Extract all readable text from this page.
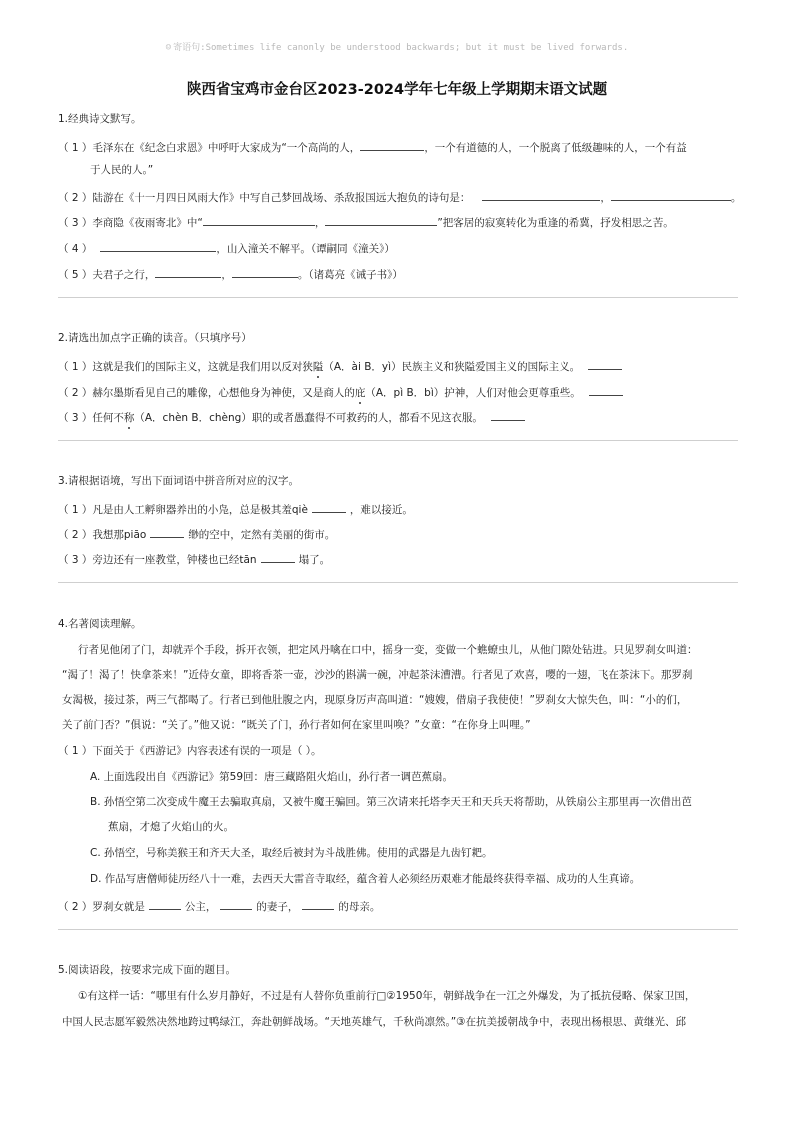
☺ 寄语句:Sometimes life canonly be understood backwards; but it must be lived forwards.
陕西省宝鸡市金台区2023-2024学年七年级上学期期末语文试题
1.经典诗文默写。
（ 1 ）毛泽东在《纪念白求恩》中呼吁大家成为“一个高尚的人，	，一个有道德的人，一个脱离了低级趣味的人，一个有益
于人民的人。”
（ 2 ）陆游在《十一月四日风雨大作》中写自己梦回战场、杀敌报国远大抱负的诗句是：	，	。
（ 3 ）李商隐《夜雨寄北》中“	，	”把客居的寂寞转化为重逢的希冀，抒发相思之苦。
（ 4 ）	，山入潼关不解平。（谭嗣同《潼关》）
（ 5 ）夫君子之行，	，	。（诸葛亮《诫子书》）
2.请选出加点字正确的读音。（只填序号）
（ 1 ）这就是我们的国际主义，这就是我们用以反对狭隘（A．ài B．yì）民族主义和狭隘爱国主义的国际主义。
（ 2 ）赫尔墨斯看见自己的雕像，心想他身为神使，又是商人的庇（A．pì B．bì）护神，人们对他会更尊重些。
（ 3 ）任何不称（A．chèn B．chèng）职的或者愚蠢得不可救药的人，都看不见这衣服。
3.请根据语境，写出下面词语中拼音所对应的汉字。
（ 1 ）凡是由人工孵卵器养出的小凫，总是极其羞qiè	，难以接近。
（ 2 ）我想那piāo	缈的空中，定然有美丽的街市。
（ 3 ）旁边还有一座教堂，钟楼也已经tān	塌了。
4.名著阅读理解。
行者见他闭了门，却就弄个手段，拆开衣领，把定风丹噙在口中，摇身一变，变做一个蟭蟟虫儿，从他门隙处钻进。只见罗刹女叫道：
“渴了！渴了！快拿茶来！”近侍女童，即将香茶一壶，沙沙的斟满一碗，冲起茶沫漕漕。行者见了欢喜，嘤的一翅，飞在茶沫下。那罗刹
女渴极，接过茶，两三气都喝了。行者已到他肚腹之内，现原身厉声高叫道：“嫂嫂，借扇子我使使！”罗刹女大惊失色，叫：“小的们，
关了前门否？”俱说：“关了。”他又说：“既关了门，孙行者如何在家里叫唤？”女童：“在你身上叫哩。”
（ 1 ）下面关于《西游记》内容表述有误的一项是（ ）。
A. 上面选段出自《西游记》第59回：唐三藏路阻火焰山，孙行者一调芭蕉扇。
B. 孙悟空第二次变成牛魔王去骗取真扇，又被牛魔王骗回。第三次请来托塔李天王和天兵天将帮助，从铁扇公主那里再一次借出芭
蕉扇，才熄了火焰山的火。
C. 孙悟空，号称美猴王和齐天大圣，取经后被封为斗战胜佛。使用的武器是九齿钉耙。
D. 作品写唐僧师徒历经八十一难，去西天大雷音寺取经，蕴含着人必须经历艰难才能最终获得幸福、成功的人生真谛。
（ 2 ）罗刹女就是	公主，	的妻子，	的母亲。
5.阅读语段，按要求完成下面的题目。
①有这样一话：“哪里有什么岁月静好，不过是有人替你负重前行□②1950年，朝鲜战争在一江之外爆发，为了抵抗侵略、保家卫国，
中国人民志愿军毅然决然地跨过鸭绿江，奔赴朝鲜战场。“天地英雄气，千秋尚凛然。”③在抗美援朝战争中，表现出杨根思、黄继光、邱
